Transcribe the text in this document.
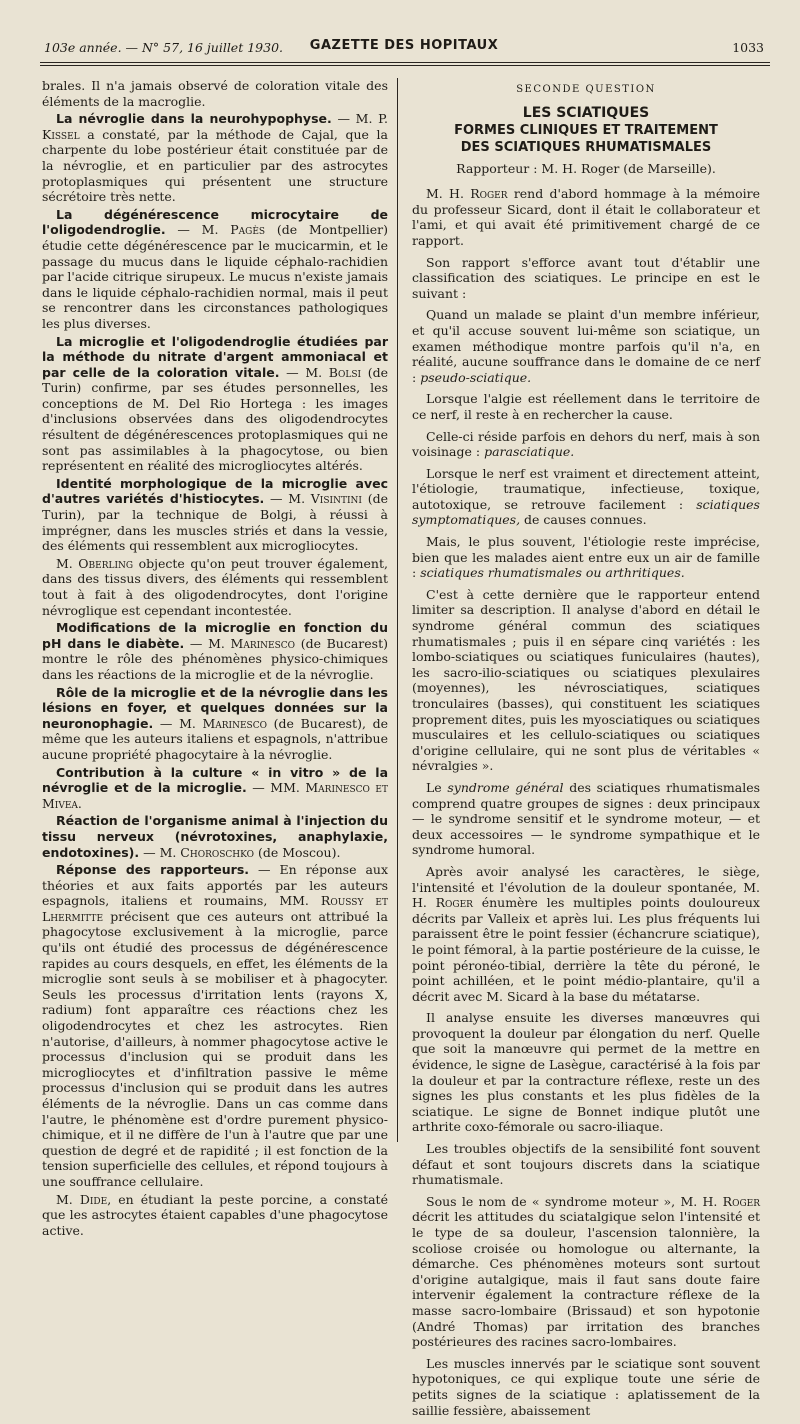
103e année. — N° 57, 16 juillet 1930.	GAZETTE DES HOPITAUX	1033

brales. Il n'a jamais observé de coloration vitale des éléments de la macroglie.

La névroglie dans la neurohypophyse. — M. P. Kissel a constaté, par la méthode de Cajal, que la charpente du lobe postérieur était constituée par de la névroglie, et en particulier par des astrocytes protoplasmiques qui présentent une structure sécrétoire très nette.

La dégénérescence microcytaire de l'oligodendroglie. — M. Pagès (de Montpellier) étudie cette dégénérescence par le mucicarmin, et le passage du mucus dans le liquide céphalo-rachidien par l'acide citrique sirupeux. Le mucus n'existe jamais dans le liquide céphalo-rachidien normal, mais il peut se rencontrer dans les circonstances pathologiques les plus diverses.

La microglie et l'oligodendroglie étudiées par la méthode du nitrate d'argent ammoniacal et par celle de la coloration vitale. — M. Bolsi (de Turin) confirme, par ses études personnelles, les conceptions de M. Del Rio Hortega : les images d'inclusions observées dans des oligodendrocytes résultent de dégénérescences protoplasmiques qui ne sont pas assimilables à la phagocytose, ou bien représentent en réalité des microgliocytes altérés.

Identité morphologique de la microglie avec d'autres variétés d'histiocytes. — M. Visintini (de Turin), par la technique de Bolgi, à réussi à imprégner, dans les muscles striés et dans la vessie, des éléments qui ressemblent aux microgliocytes.

M. Oberling objecte qu'on peut trouver également, dans des tissus divers, des éléments qui ressemblent tout à fait à des oligodendrocytes, dont l'origine névroglique est cependant incontestée.

Modifications de la microglie en fonction du pH dans le diabète. — M. Marinesco (de Bucarest) montre le rôle des phénomènes physico-chimiques dans les réactions de la microglie et de la névroglie.

Rôle de la microglie et de la névroglie dans les lésions en foyer, et quelques données sur la neuronophagie. — M. Marinesco (de Bucarest), de même que les auteurs italiens et espagnols, n'attribue aucune propriété phagocytaire à la névroglie.

Contribution à la culture « in vitro » de la névroglie et de la microglie. — MM. Marinesco et Mivea.

Réaction de l'organisme animal à l'injection du tissu nerveux (névrotoxines, anaphylaxie, endotoxines). — M. Choroschko (de Moscou).

Réponse des rapporteurs. — En réponse aux théories et aux faits apportés par les auteurs espagnols, italiens et roumains, MM. Roussy et Lhermitte précisent que ces auteurs ont attribué la phagocytose exclusivement à la microglie, parce qu'ils ont étudié des processus de dégénérescence rapides au cours desquels, en effet, les éléments de la microglie sont seuls à se mobiliser et à phagocyter. Seuls les processus d'irritation lents (rayons X, radium) font apparaître ces réactions chez les oligodendrocytes et chez les astrocytes. Rien n'autorise, d'ailleurs, à nommer phagocytose active le processus d'inclusion qui se produit dans les microgliocytes et d'infiltration passive le même processus d'inclusion qui se produit dans les autres éléments de la névroglie. Dans un cas comme dans l'autre, le phénomène est d'ordre purement physico-chimique, et il ne diffère de l'un à l'autre que par une question de degré et de rapidité ; il est fonction de la tension superficielle des cellules, et répond toujours à une souffrance cellulaire.

M. Dide, en étudiant la peste porcine, a constaté que les astrocytes étaient capables d'une phagocytose active.

SECONDE QUESTION
LES SCIATIQUES
FORMES CLINIQUES ET TRAITEMENT
DES SCIATIQUES RHUMATISMALES
Rapporteur : M. H. Roger (de Marseille).

M. H. Roger rend d'abord hommage à la mémoire du professeur Sicard, dont il était le collaborateur et l'ami, et qui avait été primitivement chargé de ce rapport.

Son rapport s'efforce avant tout d'établir une classification des sciatiques. Le principe en est le suivant :

Quand un malade se plaint d'un membre inférieur, et qu'il accuse souvent lui-même son sciatique, un examen méthodique montre parfois qu'il n'a, en réalité, aucune souffrance dans le domaine de ce nerf : pseudo-sciatique.

Lorsque l'algie est réellement dans le territoire de ce nerf, il reste à en rechercher la cause.

Celle-ci réside parfois en dehors du nerf, mais à son voisinage : parasciatique.

Lorsque le nerf est vraiment et directement atteint, l'étiologie, traumatique, infectieuse, toxique, autotoxique, se retrouve facilement : sciatiques symptomatiques, de causes connues.

Mais, le plus souvent, l'étiologie reste imprécise, bien que les malades aient entre eux un air de famille : sciatiques rhumatismales ou arthritiques.

C'est à cette dernière que le rapporteur entend limiter sa description. Il analyse d'abord en détail le syndrome général commun des sciatiques rhumatismales ; puis il en sépare cinq variétés : les lombo-sciatiques ou sciatiques funiculaires (hautes), les sacro-ilio-sciatiques ou sciatiques plexulaires (moyennes), les névrosciatiques, sciatiques tronculaires (basses), qui constituent les sciatiques proprement dites, puis les myosciatiques ou sciatiques musculaires et les cellulo-sciatiques ou sciatiques d'origine cellulaire, qui ne sont plus de véritables « névralgies ».

Le syndrome général des sciatiques rhumatismales comprend quatre groupes de signes : deux principaux — le syndrome sensitif et le syndrome moteur, — et deux accessoires — le syndrome sympathique et le syndrome humoral.

Après avoir analysé les caractères, le siège, l'intensité et l'évolution de la douleur spontanée, M. H. Roger énumère les multiples points douloureux décrits par Valleix et après lui. Les plus fréquents lui paraissent être le point fessier (échancrure sciatique), le point fémoral, à la partie postérieure de la cuisse, le point péronéo-tibial, derrière la tête du péroné, le point achilléen, et le point médio-plantaire, qu'il a décrit avec M. Sicard à la base du métatarse.

Il analyse ensuite les diverses manœuvres qui provoquent la douleur par élongation du nerf. Quelle que soit la manœuvre qui permet de la mettre en évidence, le signe de Lasègue, caractérisé à la fois par la douleur et par la contracture réflexe, reste un des signes les plus constants et les plus fidèles de la sciatique. Le signe de Bonnet indique plutôt une arthrite coxo-fémorale ou sacro-iliaque.

Les troubles objectifs de la sensibilité font souvent défaut et sont toujours discrets dans la sciatique rhumatismale.

Sous le nom de « syndrome moteur », M. H. Roger décrit les attitudes du sciatalgique selon l'intensité et le type de sa douleur, l'ascension talonnière, la scoliose croisée ou homologue ou alternante, la démarche. Ces phénomènes moteurs sont surtout d'origine autalgique, mais il faut sans doute faire intervenir également la contracture réflexe de la masse sacro-lombaire (Brissaud) et son hypotonie (André Thomas) par irritation des branches postérieures des racines sacro-lombaires.

Les muscles innervés par le sciatique sont souvent hypotoniques, ce qui explique toute une série de petits signes de la sciatique : aplatissement de la saillie fessière, abaissement
